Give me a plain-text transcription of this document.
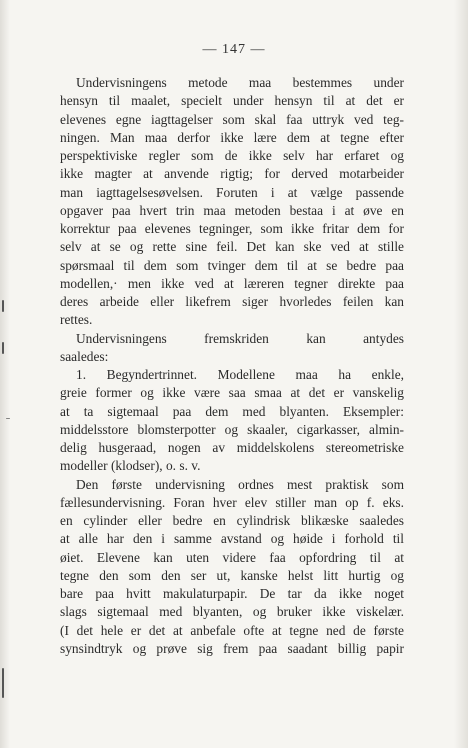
— 147 —
Undervisningens metode maa bestemmes under
hensyn til maalet, specielt under hensyn til at det er
elevenes egne iagttagelser som skal faa uttryk ved teg-
ningen. Man maa derfor ikke lære dem at tegne efter
perspektiviske regler som de ikke selv har erfaret og
ikke magter at anvende rigtig; for derved motarbeider
man iagttagelsesøvelsen. Foruten i at vælge passende
opgaver paa hvert trin maa metoden bestaa i at øve en
korrektur paa elevenes tegninger, som ikke fritar dem for
selv at se og rette sine feil. Det kan ske ved at stille
spørsmaal til dem som tvinger dem til at se bedre paa
modellen,· men ikke ved at læreren tegner direkte paa
deres arbeide eller likefrem siger hvorledes feilen kan
rettes.
Undervisningens fremskriden kan antydes
saaledes:
1. Begyndertrinnet. Modellene maa ha enkle,
greie former og ikke være saa smaa at det er vanskelig
at ta sigtemaal paa dem med blyanten. Eksempler:
middelsstore blomsterpotter og skaaler, cigarkasser, almin-
delig husgeraad, nogen av middelskolens stereometriske
modeller (klodser), o. s. v.
Den første undervisning ordnes mest praktisk som
fællesundervisning. Foran hver elev stiller man op f. eks.
en cylinder eller bedre en cylindrisk blikæske saaledes
at alle har den i samme avstand og høide i forhold til
øiet. Elevene kan uten videre faa opfordring til at
tegne den som den ser ut, kanske helst litt hurtig og
bare paa hvitt makulaturpapir. De tar da ikke noget
slags sigtemaal med blyanten, og bruker ikke viskelær.
(I det hele er det at anbefale ofte at tegne ned de første
synsindtryk og prøve sig frem paa saadant billig papir
